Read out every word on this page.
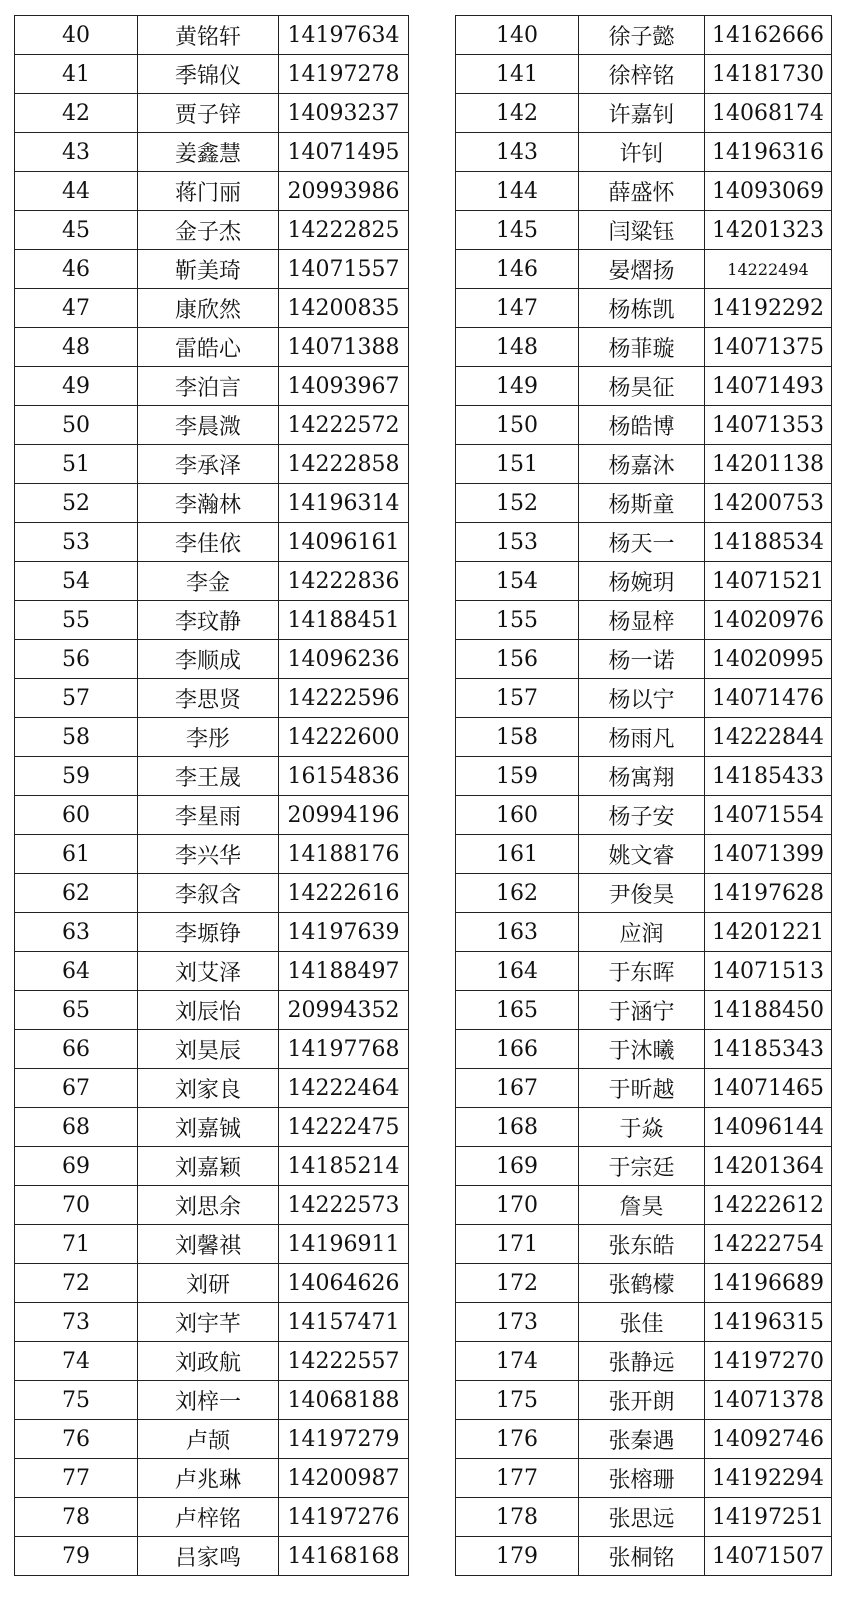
40	黄铭轩	14197634
41	季锦仪	14197278
42	贾子锌	14093237
43	姜鑫慧	14071495
44	蒋门丽	20993986
45	金子杰	14222825
46	靳美琦	14071557
47	康欣然	14200835
48	雷皓心	14071388
49	李泊言	14093967
50	李晨溦	14222572
51	李承泽	14222858
52	李瀚林	14196314
53	李佳依	14096161
54	李金	14222836
55	李玟静	14188451
56	李顺成	14096236
57	李思贤	14222596
58	李彤	14222600
59	李王晟	16154836
60	李星雨	20994196
61	李兴华	14188176
62	李叙含	14222616
63	李塬铮	14197639
64	刘艾泽	14188497
65	刘辰怡	20994352
66	刘昊辰	14197768
67	刘家良	14222464
68	刘嘉铖	14222475
69	刘嘉颖	14185214
70	刘思余	14222573
71	刘馨祺	14196911
72	刘研	14064626
73	刘宇芊	14157471
74	刘政航	14222557
75	刘梓一	14068188
76	卢颉	14197279
77	卢兆琳	14200987
78	卢梓铭	14197276
79	吕家鸣	14168168
140	徐子懿	14162666
141	徐梓铭	14181730
142	许嘉钊	14068174
143	许钊	14196316
144	薛盛怀	14093069
145	闫粱钰	14201323
146	晏熠扬	14222494
147	杨栋凯	14192292
148	杨菲璇	14071375
149	杨昊征	14071493
150	杨皓博	14071353
151	杨嘉沐	14201138
152	杨斯童	14200753
153	杨天一	14188534
154	杨婉玥	14071521
155	杨显梓	14020976
156	杨一诺	14020995
157	杨以宁	14071476
158	杨雨凡	14222844
159	杨寓翔	14185433
160	杨子安	14071554
161	姚文睿	14071399
162	尹俊昊	14197628
163	应润	14201221
164	于东晖	14071513
165	于涵宁	14188450
166	于沐曦	14185343
167	于昕越	14071465
168	于焱	14096144
169	于宗廷	14201364
170	詹昊	14222612
171	张东皓	14222754
172	张鹤檬	14196689
173	张佳	14196315
174	张静远	14197270
175	张开朗	14071378
176	张秦遇	14092746
177	张榕珊	14192294
178	张思远	14197251
179	张桐铭	14071507
